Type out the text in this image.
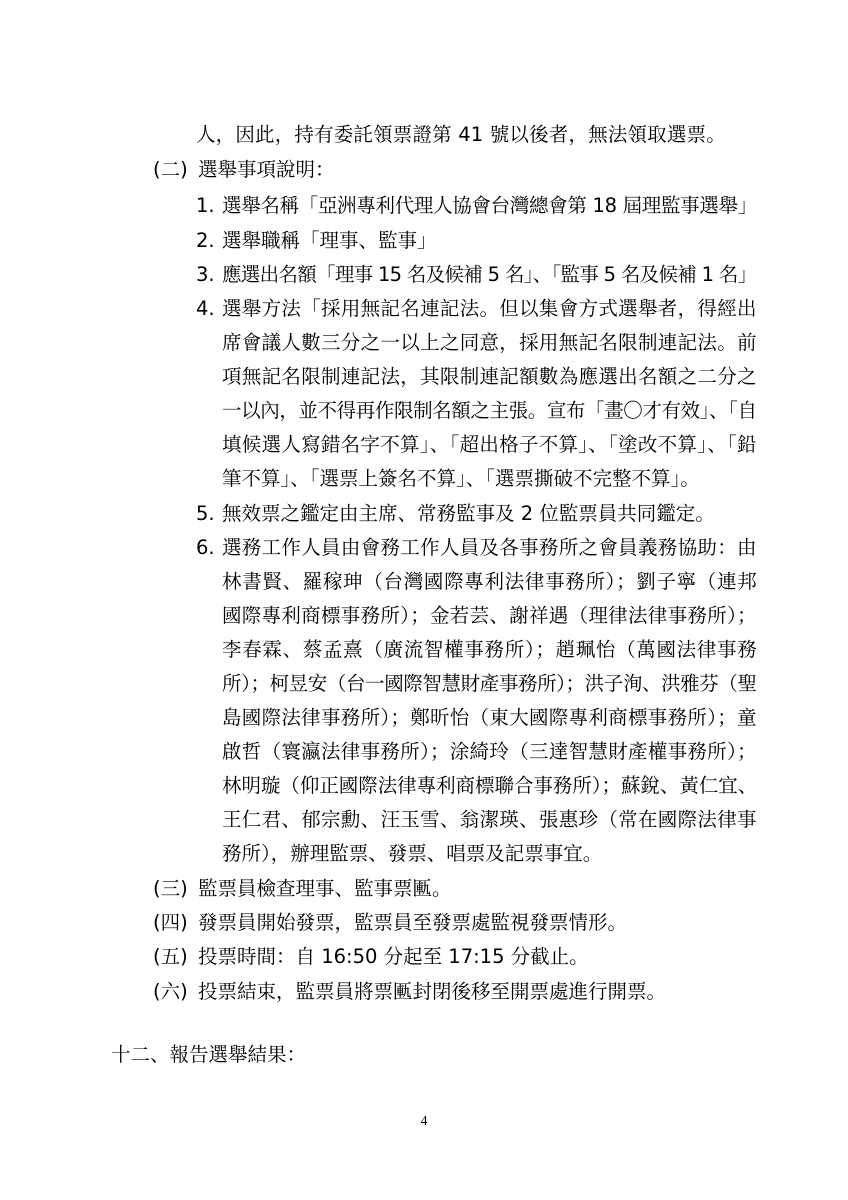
人，因此，持有委託領票證第 41 號以後者，無法領取選票。
(二) 選舉事項說明：
1. 選舉名稱「亞洲專利代理人協會台灣總會第 18 屆理監事選舉」
2. 選舉職稱「理事、監事」
3. 應選出名額「理事 15 名及候補 5 名」、「監事 5 名及候補 1 名」
4. 選舉方法「採用無記名連記法。但以集會方式選舉者，得經出
席會議人數三分之一以上之同意，採用無記名限制連記法。前
項無記名限制連記法，其限制連記額數為應選出名額之二分之
一以內，並不得再作限制名額之主張。宣布「畫〇才有效」、「自
填候選人寫錯名字不算」、「超出格子不算」、「塗改不算」、「鉛
筆不算」、「選票上簽名不算」、「選票撕破不完整不算」。
5. 無效票之鑑定由主席、常務監事及 2 位監票員共同鑑定。
6. 選務工作人員由會務工作人員及各事務所之會員義務協助：由
林書賢、羅稼珅（台灣國際專利法律事務所）；劉子寧（連邦
國際專利商標事務所）；金若芸、謝祥遇（理律法律事務所）；
李春霖、蔡孟熹（廣流智權事務所）；趙珮怡（萬國法律事務
所）；柯昱安（台一國際智慧財產事務所）；洪子洵、洪雅芬（聖
島國際法律事務所）；鄭昕怡（東大國際專利商標事務所）；童
啟哲（寰瀛法律事務所）；涂綺玲（三達智慧財產權事務所）；
林明璇（仰正國際法律專利商標聯合事務所）；蘇銳、黃仁宜、
王仁君、郁宗勳、汪玉雪、翁潔瑛、張惠珍（常在國際法律事
務所），辦理監票、發票、唱票及記票事宜。
(三) 監票員檢查理事、監事票匭。
(四) 發票員開始發票，監票員至發票處監視發票情形。
(五) 投票時間：自 16:50 分起至 17:15 分截止。
(六) 投票結束，監票員將票匭封閉後移至開票處進行開票。
十二、報告選舉結果：
4
